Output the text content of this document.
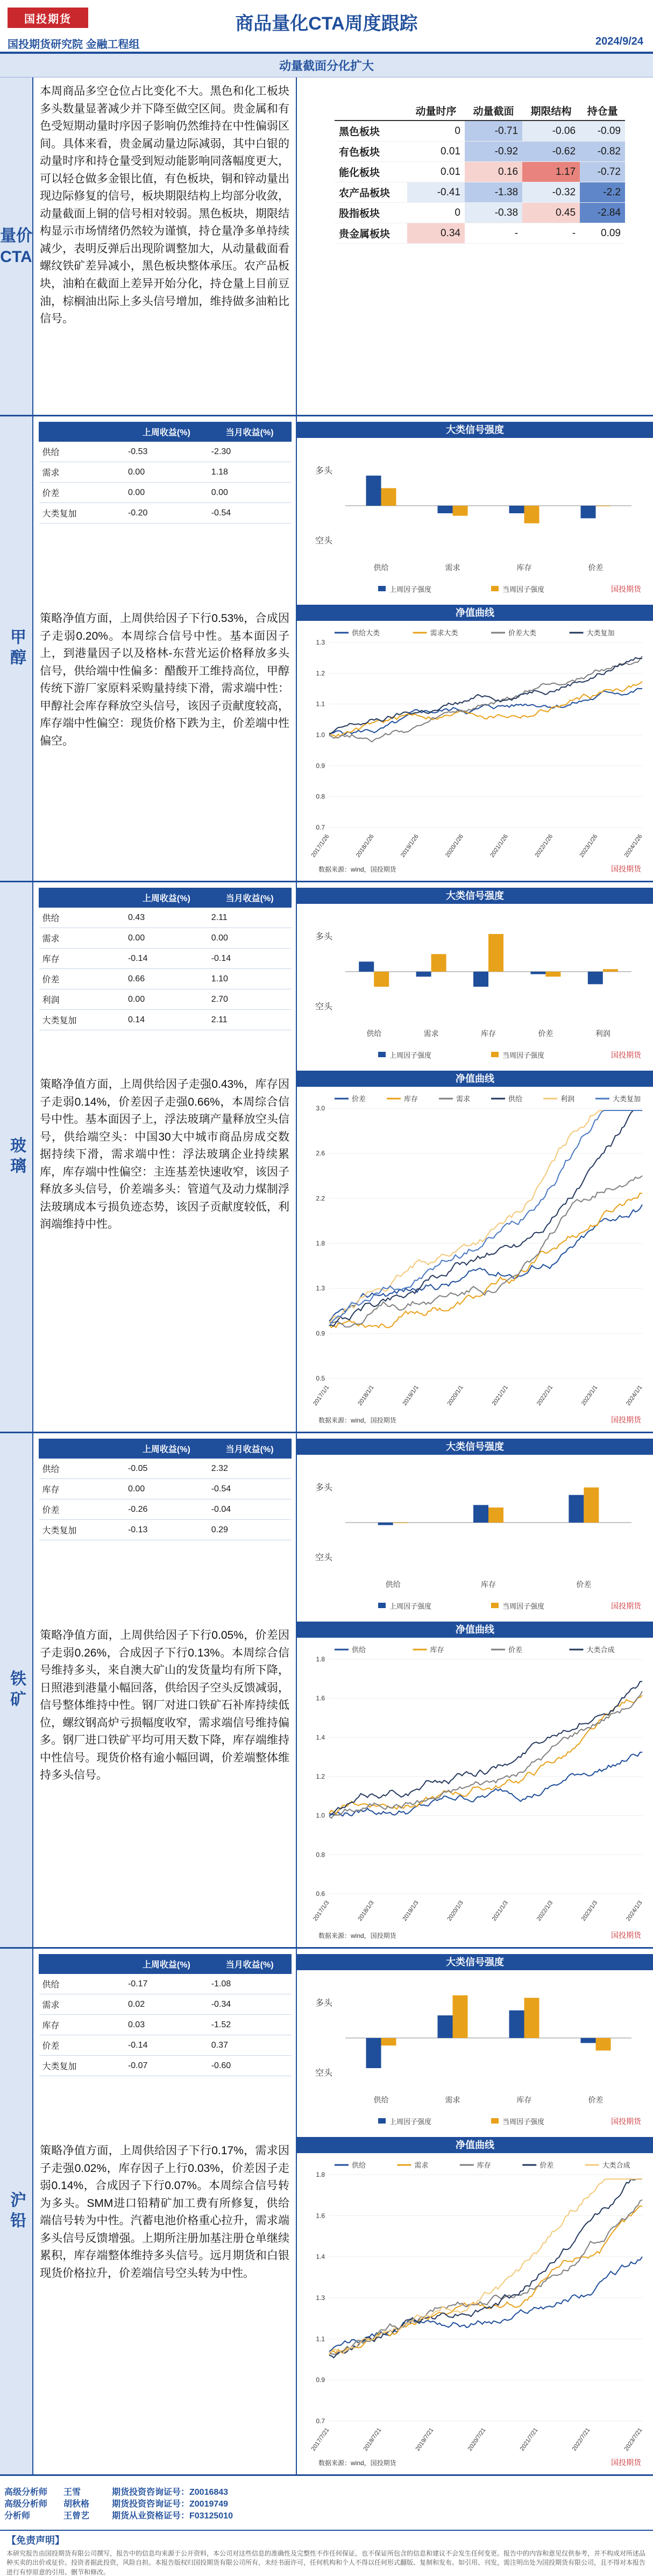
国投期货	商品量化CTA周度跟踪
国投期货研究院 金融工程组	2024/9/24
动量截面分化扩大
量价CTA
本周商品多空仓位占比变化不大。黑色和化工板块多头数量显著减少并下降至做空区间。贵金属和有色受短期动量时序因子影响仍然维持在中性偏弱区间。具体来看，贵金属动量边际减弱，其中白银的动量时序和持仓量受到短动能影响同落幅度更大，可以轻仓做多金银比值，有色板块，铜和锌动量出现边际修复的信号，板块期限结构上均部分收敛，动量截面上铜的信号相对较弱。黑色板块，期限结构显示市场情绪仍然较为谨慎，持仓量净多单持续减少，表明反弹后出现阶调整加大，从动量截面看螺纹铁矿差异减小，黑色板块整体承压。农产品板块，油粕在截面上差异开始分化，持仓量上目前豆油，棕榈油出际上多头信号增加，维持做多油粕比信号。
	动量时序	动量截面	期限结构	持仓量
黑色板块	0	-0.71	-0.06	-0.09
有色板块	0.01	-0.92	-0.62	-0.82
能化板块	0.01	0.16	1.17	-0.72
农产品板块	-0.41	-1.38	-0.32	-2.2
股指板块	0	-0.38	0.45	-2.84
贵金属板块	0.34	-	-	0.09
甲醇
	上周收益(%)	当月收益(%)
供给	-0.53	-2.30
需求	0.00	1.18
价差	0.00	0.00
大类复加	-0.20	-0.54
策略净值方面，上周供给因子下行0.53%，合成因子走弱0.20%。本周综合信号中性。基本面因子上，到港量因子以及格林-东营光运价格释放多头信号，供给端中性偏多：醋酸开工维持高位，甲醇传统下游厂家原料采购量持续下滑，需求端中性：甲醇社会库存释放空头信号，该因子贡献度较高，库存端中性偏空：现货价格下跌为主，价差端中性偏空。
大类信号强度
多头
空头
供给	需求	库存	价差
上周因子强度	当周因子强度	国投期货
净值曲线
0.7
0.8
0.9
1.0
1.1
1.2
1.3
供给大类	需求大类	价差大类	大类复加
2017/1/26	2018/1/26	2019/1/26	2020/1/26	2021/1/26	2022/1/26	2023/1/26	2024/1/26
数据来源：wind，国投期货	国投期货
玻璃
	上周收益(%)	当月收益(%)
供给	0.43	2.11
需求	0.00	0.00
库存	-0.14	-0.14
价差	0.66	1.10
利润	0.00	2.70
大类复加	0.14	2.11
策略净值方面，上周供给因子走强0.43%，库存因子走弱0.14%，价差因子走强0.66%，本周综合信号中性。基本面因子上，浮法玻璃产量释放空头信号，供给端空头：中国30大中城市商品房成交数据持续下滑，需求端中性：浮法玻璃企业持续累库，库存端中性偏空：主连基差快速收窄，该因子释放多头信号，价差端多头：管道气及动力煤制浮法玻璃成本亏损负迹态势，该因子贡献度较低，利润端维持中性。
大类信号强度
多头
空头
供给	需求	库存	价差	利润
上周因子强度	当周因子强度	国投期货
净值曲线
0.5
0.9
1.3
1.8
2.2
2.6
3.0
价差	库存	需求	供给	利润	大类复加
2017/1/1	2018/1/1	2019/1/1	2020/1/1	2021/1/1	2022/1/1	2023/1/1	2024/1/1
数据来源：wind，国投期货	国投期货
铁矿
	上周收益(%)	当月收益(%)
供给	-0.05	2.32
库存	0.00	-0.54
价差	-0.26	-0.04
大类复加	-0.13	0.29
策略净值方面，上周供给因子下行0.05%，价差因子走弱0.26%，合成因子下行0.13%。本周综合信号维持多头，来自澳大矿山的发货量均有所下降，日照港到港量小幅回落，供给因子空头反馈减弱，信号整体维持中性。钢厂对进口铁矿石补库持续低位，螺纹钢高炉亏损幅度收窄，需求端信号维持偏多。钢厂进口铁矿平均可用天数下降，库存端维持中性信号。现货价格有逾小幅回调，价差端整体维持多头信号。
大类信号强度
多头
空头
供给	库存	价差
上周因子强度	当周因子强度	国投期货
净值曲线
0.6
0.8
1.0
1.2
1.4
1.6
1.8
供给	库存	价差	大类合成
2017/1/3	2018/1/3	2019/1/3	2020/1/3	2021/1/3	2022/1/3	2023/1/3	2024/1/3
数据来源：wind，国投期货	国投期货
沪铅
	上周收益(%)	当月收益(%)
供给	-0.17	-1.08
需求	0.02	-0.34
库存	0.03	-1.52
价差	-0.14	0.37
大类复加	-0.07	-0.60
策略净值方面，上周供给因子下行0.17%，需求因子走强0.02%，库存因子上行0.03%，价差因子走弱0.14%，合成因子下行0.07%。本周综合信号转为多头。SMM进口铅精矿加工费有所修复，供给端信号转为中性。汽蓄电池价格重心拉升，需求端多头信号反馈增强。上期所注册加基注册仓单继续累积，库存端整体维持多头信号。远月期货和白银现货价格拉升，价差端信号空头转为中性。
大类信号强度
多头
空头
供给	需求	库存	价差
上周因子强度	当周因子强度	国投期货
净值曲线
0.7
0.9
1.1
1.3
1.4
1.6
1.8
供给	需求	库存	价差	大类合成
2017/7/21	2018/7/21	2019/7/21	2020/7/21	2021/7/21	2022/7/21	2023/7/21
数据来源：wind，国投期货	国投期货
高级分析师 王雪	期货投资咨询证号：Z0016843
高级分析师 胡秋格	期货投资咨询证号：Z0019749
分析师	王曾艺	期货从业资格证号：F03125010
【免责声明】
本研究报告由国投期货有限公司撰写，报告中的信息均来源于公开资料，本公司对这些信息的准确性及完整性不作任何保证，也不保证所包含的信息和建议不会发生任何变更。报告中的内容和意见仅供参考，并不构成对所述品种买卖的出价或征价。投资者据此投资，风险自担。本报告版权归国投期货有限公司所有，未经书面许可，任何机构和个人不得以任何形式翻版、复制和发布。如引用、刊发，需注明出处为国投期货有限公司，且不得对本报告进行有悖原意的引用、删节和修改。
